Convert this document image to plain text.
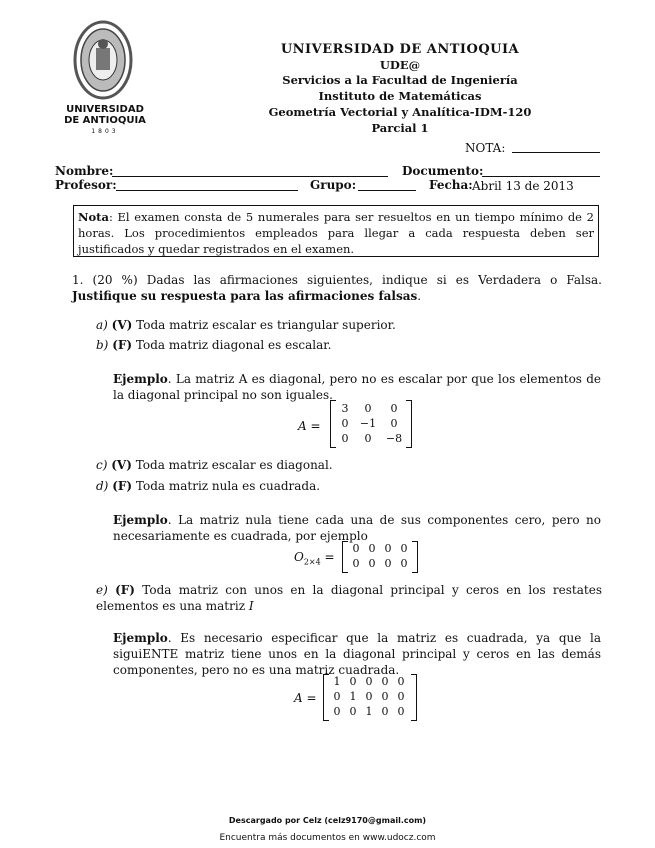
UNIVERSIDAD
DE ANTIOQUIA
1803
UNIVERSIDAD DE ANTIOQUIA
UDE@
Servicios a la Facultad de Ingeniería
Instituto de Matemáticas
Geometría Vectorial y Analítica-IDM-120
Parcial 1
NOTA:
Nombre:	Documento:
Profesor:	Grupo:	Fecha: Abril 13 de 2013
Nota: El examen consta de 5 numerales para ser resueltos en un tiempo mínimo de 2 horas. Los procedimientos empleados para llegar a cada respuesta deben ser justificados y quedar registrados en el examen.
1. (20 %) Dadas las afirmaciones siguientes, indique si es Verdadera o Falsa. Justifique su respuesta para las afirmaciones falsas.
a) (V) Toda matriz escalar es triangular superior.
b) (F) Toda matriz diagonal es escalar.
Ejemplo. La matriz A es diagonal, pero no es escalar por que los elementos de la diagonal principal no son iguales.
A =
3	0	0
0	−1	0
0	0	−8
c) (V) Toda matriz escalar es diagonal.
d) (F) Toda matriz nula es cuadrada.
Ejemplo. La matriz nula tiene cada una de sus componentes cero, pero no necesariamente es cuadrada, por ejemplo
$O_{2\times 4}$ =
0 0 0 0
0 0 0 0
e) (F) Toda matriz con unos en la diagonal principal y ceros en los restates elementos es una matriz I
Ejemplo. Es necesario especificar que la matriz es cuadrada, ya que la siguiENTE matriz tiene unos en la diagonal principal y ceros en las demás componentes, pero no es una matriz cuadrada.
A =
1 0 0 0 0
0 1 0 0 0
0 0 1 0 0
Descargado por Celz (celz9170@gmail.com)
Encuentra más documentos en www.udocz.com
